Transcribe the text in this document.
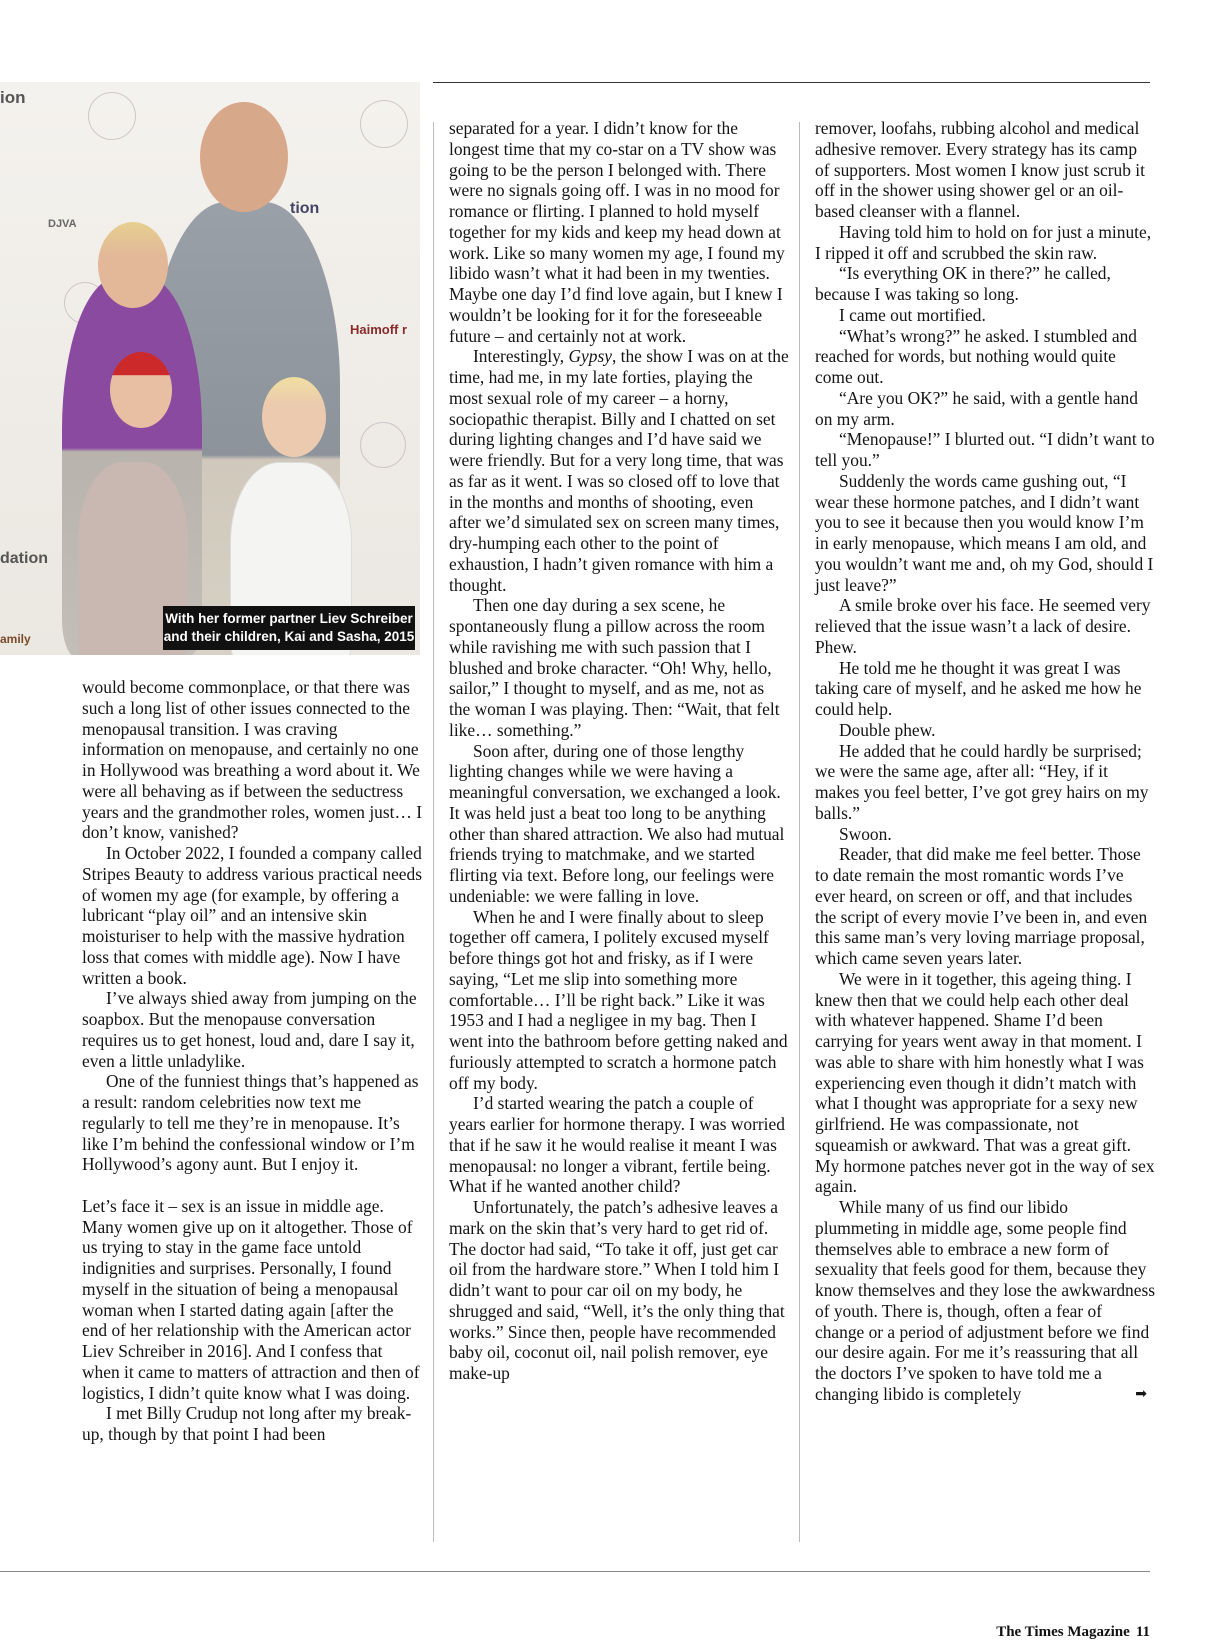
ion
dation
amily
Haimoff r
tion
DJVA
With her former partner Liev Schreiber and their children, Kai and Sasha, 2015

would become commonplace, or that there was such a long list of other issues connected to the menopausal transition. I was craving information on menopause, and certainly no one in Hollywood was breathing a word about it. We were all behaving as if between the seductress years and the grandmother roles, women just… I don’t know, vanished?

In October 2022, I founded a company called Stripes Beauty to address various practical needs of women my age (for example, by offering a lubricant “play oil” and an intensive skin moisturiser to help with the massive hydration loss that comes with middle age). Now I have written a book.

I’ve always shied away from jumping on the soapbox. But the menopause conversation requires us to get honest, loud and, dare I say it, even a little unladylike.

One of the funniest things that’s happened as a result: random celebrities now text me regularly to tell me they’re in menopause. It’s like I’m behind the confessional window or I’m Hollywood’s agony aunt. But I enjoy it.

Let’s face it – sex is an issue in middle age. Many women give up on it altogether. Those of us trying to stay in the game face untold indignities and surprises. Personally, I found myself in the situation of being a menopausal woman when I started dating again [after the end of her relationship with the American actor Liev Schreiber in 2016]. And I confess that when it came to matters of attraction and then of logistics, I didn’t quite know what I was doing.

I met Billy Crudup not long after my break-up, though by that point I had been

separated for a year. I didn’t know for the longest time that my co-star on a TV show was going to be the person I belonged with. There were no signals going off. I was in no mood for romance or flirting. I planned to hold myself together for my kids and keep my head down at work. Like so many women my age, I found my libido wasn’t what it had been in my twenties. Maybe one day I’d find love again, but I knew I wouldn’t be looking for it for the foreseeable future – and certainly not at work.

Interestingly, Gypsy, the show I was on at the time, had me, in my late forties, playing the most sexual role of my career – a horny, sociopathic therapist. Billy and I chatted on set during lighting changes and I’d have said we were friendly. But for a very long time, that was as far as it went. I was so closed off to love that in the months and months of shooting, even after we’d simulated sex on screen many times, dry-humping each other to the point of exhaustion, I hadn’t given romance with him a thought.

Then one day during a sex scene, he spontaneously flung a pillow across the room while ravishing me with such passion that I blushed and broke character. “Oh! Why, hello, sailor,” I thought to myself, and as me, not as the woman I was playing. Then: “Wait, that felt like… something.”

Soon after, during one of those lengthy lighting changes while we were having a meaningful conversation, we exchanged a look. It was held just a beat too long to be anything other than shared attraction. We also had mutual friends trying to matchmake, and we started flirting via text. Before long, our feelings were undeniable: we were falling in love.

When he and I were finally about to sleep together off camera, I politely excused myself before things got hot and frisky, as if I were saying, “Let me slip into something more comfortable… I’ll be right back.” Like it was 1953 and I had a negligee in my bag. Then I went into the bathroom before getting naked and furiously attempted to scratch a hormone patch off my body.

I’d started wearing the patch a couple of years earlier for hormone therapy. I was worried that if he saw it he would realise it meant I was menopausal: no longer a vibrant, fertile being. What if he wanted another child?

Unfortunately, the patch’s adhesive leaves a mark on the skin that’s very hard to get rid of. The doctor had said, “To take it off, just get car oil from the hardware store.” When I told him I didn’t want to pour car oil on my body, he shrugged and said, “Well, it’s the only thing that works.” Since then, people have recommended baby oil, coconut oil, nail polish remover, eye make-up

remover, loofahs, rubbing alcohol and medical adhesive remover. Every strategy has its camp of supporters. Most women I know just scrub it off in the shower using shower gel or an oil-based cleanser with a flannel.

Having told him to hold on for just a minute, I ripped it off and scrubbed the skin raw.

“Is everything OK in there?” he called, because I was taking so long.

I came out mortified.

“What’s wrong?” he asked. I stumbled and reached for words, but nothing would quite come out.

“Are you OK?” he said, with a gentle hand on my arm.

“Menopause!” I blurted out. “I didn’t want to tell you.”

Suddenly the words came gushing out, “I wear these hormone patches, and I didn’t want you to see it because then you would know I’m in early menopause, which means I am old, and you wouldn’t want me and, oh my God, should I just leave?”

A smile broke over his face. He seemed very relieved that the issue wasn’t a lack of desire. Phew.

He told me he thought it was great I was taking care of myself, and he asked me how he could help.

Double phew.

He added that he could hardly be surprised; we were the same age, after all: “Hey, if it makes you feel better, I’ve got grey hairs on my balls.”

Swoon.

Reader, that did make me feel better. Those to date remain the most romantic words I’ve ever heard, on screen or off, and that includes the script of every movie I’ve been in, and even this same man’s very loving marriage proposal, which came seven years later.

We were in it together, this ageing thing. I knew then that we could help each other deal with whatever happened. Shame I’d been carrying for years went away in that moment. I was able to share with him honestly what I was experiencing even though it didn’t match with what I thought was appropriate for a sexy new girlfriend. He was compassionate, not squeamish or awkward. That was a great gift. My hormone patches never got in the way of sex again.

While many of us find our libido plummeting in middle age, some people find themselves able to embrace a new form of sexuality that feels good for them, because they know themselves and they lose the awkwardness of youth. There is, though, often a fear of change or a period of adjustment before we find our desire again. For me it’s reassuring that all the doctors I’ve spoken to have told me a changing libido is completely	➡

The Times Magazine 11
